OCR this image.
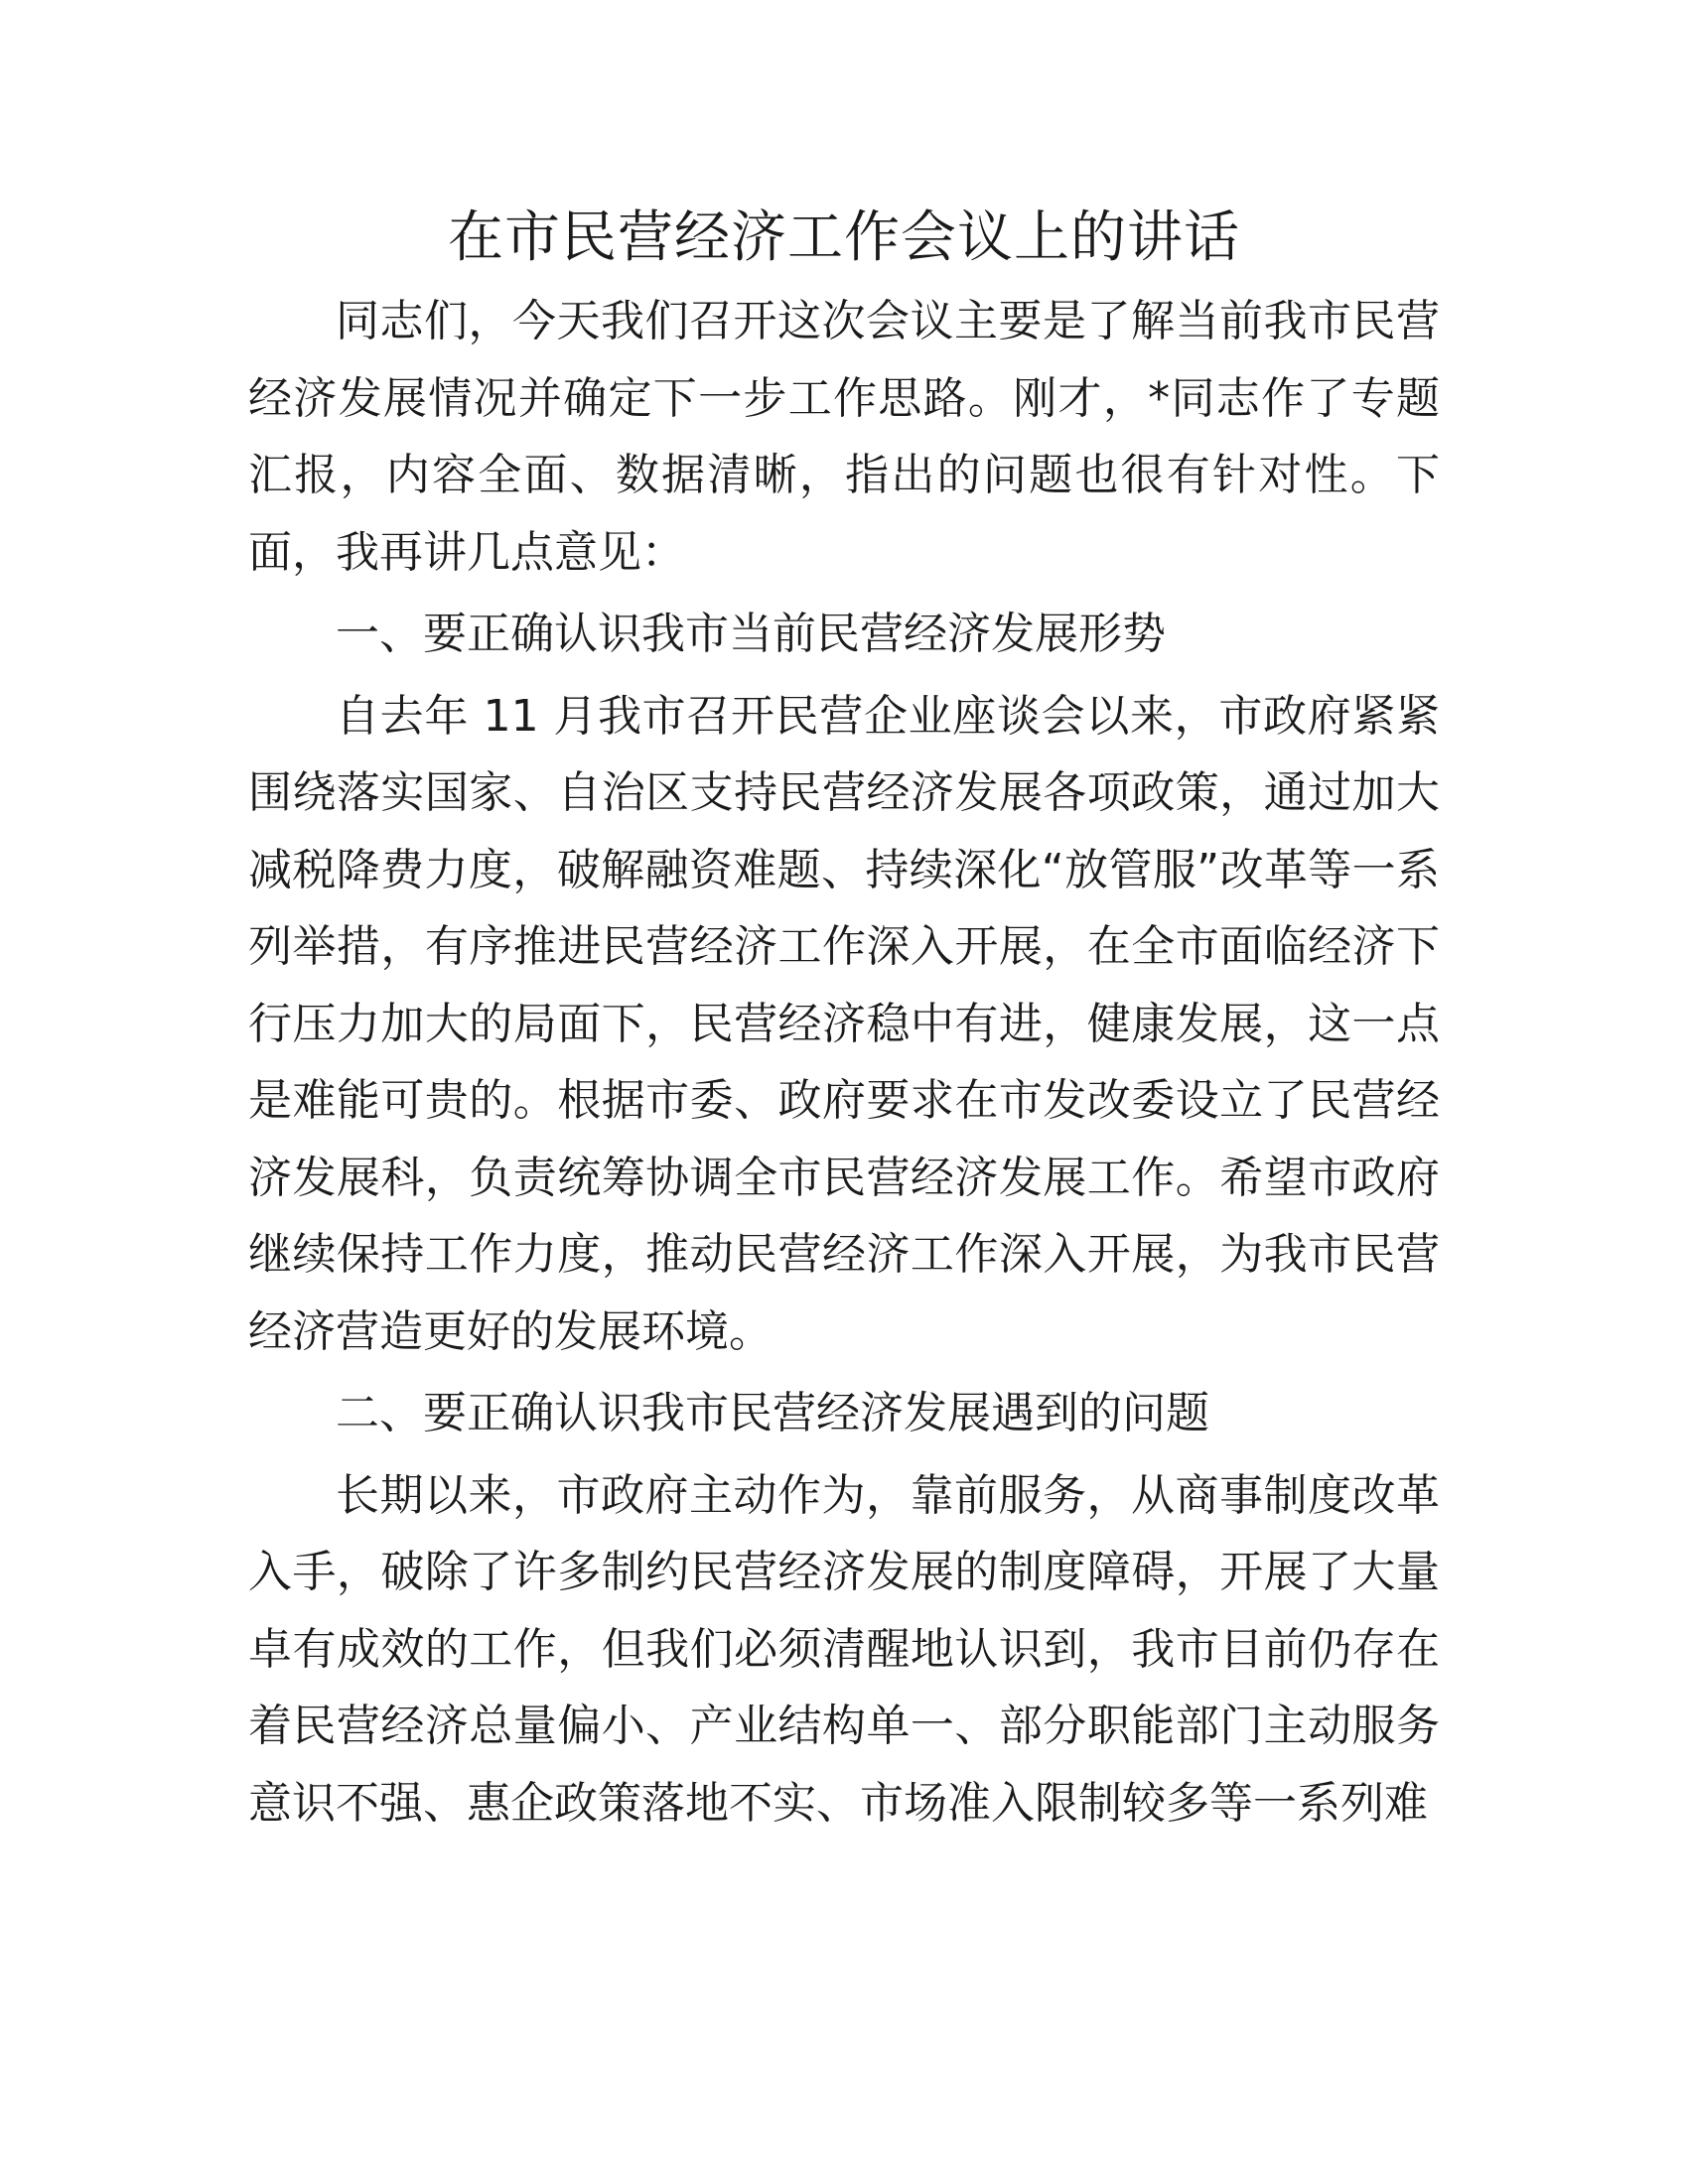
在市民营经济工作会议上的讲话

同志们，今天我们召开这次会议主要是了解当前我市民营经济发展情况并确定下一步工作思路。刚才，*同志作了专题汇报，内容全面、数据清晰，指出的问题也很有针对性。下面，我再讲几点意见：

一、要正确认识我市当前民营经济发展形势

自去年 11 月我市召开民营企业座谈会以来，市政府紧紧围绕落实国家、自治区支持民营经济发展各项政策，通过加大减税降费力度，破解融资难题、持续深化“放管服”改革等一系列举措，有序推进民营经济工作深入开展，在全市面临经济下行压力加大的局面下，民营经济稳中有进，健康发展，这一点是难能可贵的。根据市委、政府要求在市发改委设立了民营经济发展科，负责统筹协调全市民营经济发展工作。希望市政府继续保持工作力度，推动民营经济工作深入开展，为我市民营经济营造更好的发展环境。

二、要正确认识我市民营经济发展遇到的问题

长期以来，市政府主动作为，靠前服务，从商事制度改革入手，破除了许多制约民营经济发展的制度障碍，开展了大量卓有成效的工作，但我们必须清醒地认识到，我市目前仍存在着民营经济总量偏小、产业结构单一、部分职能部门主动服务意识不强、惠企政策落地不实、市场准入限制较多等一系列难
